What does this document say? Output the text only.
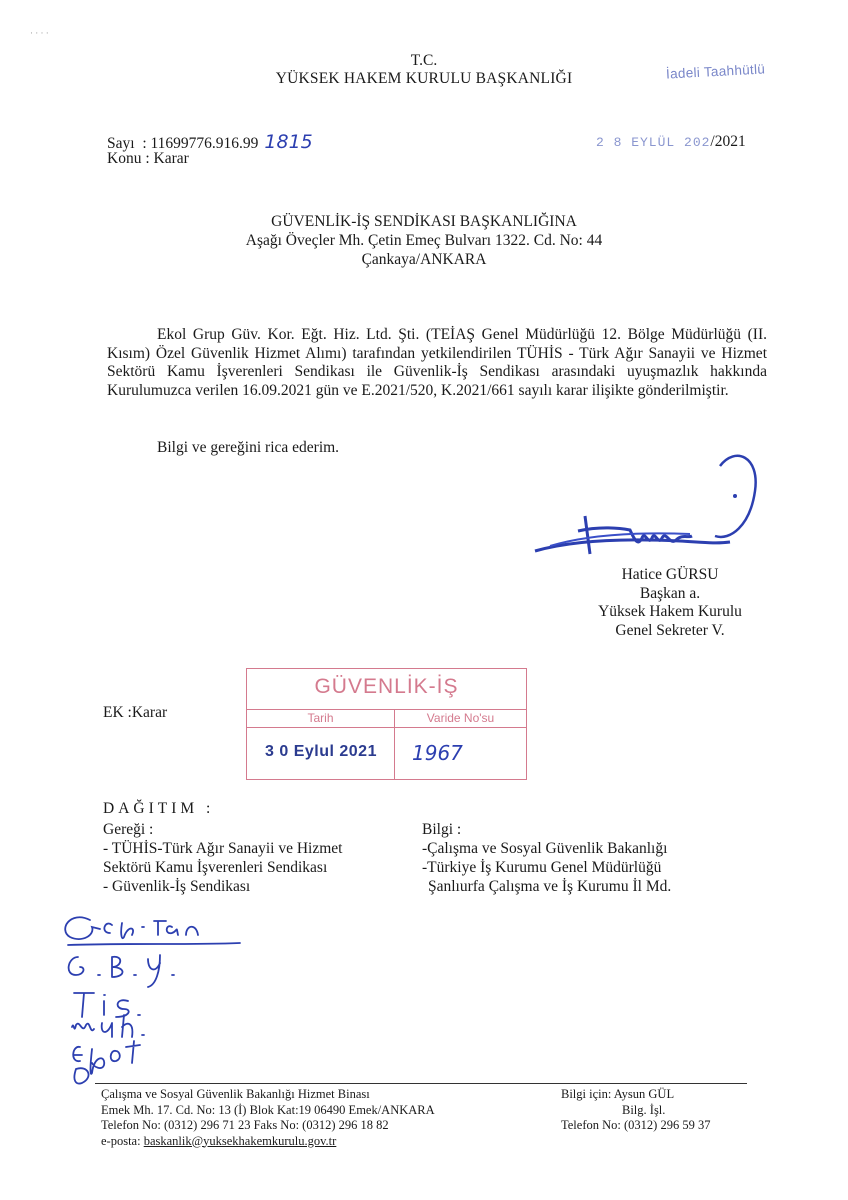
· · · ·
T.C.
YÜKSEK HAKEM KURULU BAŞKANLIĞI	İadeli Taahhütlü
Sayı : 11699776.916.99 1815
Konu : Karar
2 8 EYLÜL 202/2021
GÜVENLİK-İŞ SENDİKASI BAŞKANLIĞINA
Aşağı Öveçler Mh. Çetin Emeç Bulvarı 1322. Cd. No: 44
Çankaya/ANKARA

Ekol Grup Güv. Kor. Eğt. Hiz. Ltd. Şti. (TEİAŞ Genel Müdürlüğü 12. Bölge Müdürlüğü (II. Kısım) Özel Güvenlik Hizmet Alımı) tarafından yetkilendirilen TÜHİS - Türk Ağır Sanayii ve Hizmet Sektörü Kamu İşverenleri Sendikası ile Güvenlik-İş Sendikası arasındaki uyuşmazlık hakkında Kurulumuzca verilen 16.09.2021 gün ve E.2021/520, K.2021/661 sayılı karar ilişikte gönderilmiştir.

Bilgi ve gereğini rica ederim.
Hatice GÜRSU
Başkan a.
Yüksek Hakem Kurulu
Genel Sekreter V.
EK :Karar
GÜVENLİK-İŞ
Tarih	Varide No'su
3 0 Eylul 2021 1967
DAĞITIM :
Gereği :
- TÜHİS-Türk Ağır Sanayii ve Hizmet
Sektörü Kamu İşverenleri Sendikası
- Güvenlik-İş Sendikası
Bilgi :
-Çalışma ve Sosyal Güvenlik Bakanlığı
-Türkiye İş Kurumu Genel Müdürlüğü
Şanlıurfa Çalışma ve İş Kurumu İl Md.
Çalışma ve Sosyal Güvenlik Bakanlığı Hizmet Binası
Emek Mh. 17. Cd. No: 13 (İ) Blok Kat:19 06490 Emek/ANKARA
Telefon No: (0312) 296 71 23 Faks No: (0312) 296 18 82
e-posta: baskanlik@yuksekhakemkurulu.gov.tr
Bilgi için: Aysun GÜL
Bilg. İşl.
Telefon No: (0312) 296 59 37
